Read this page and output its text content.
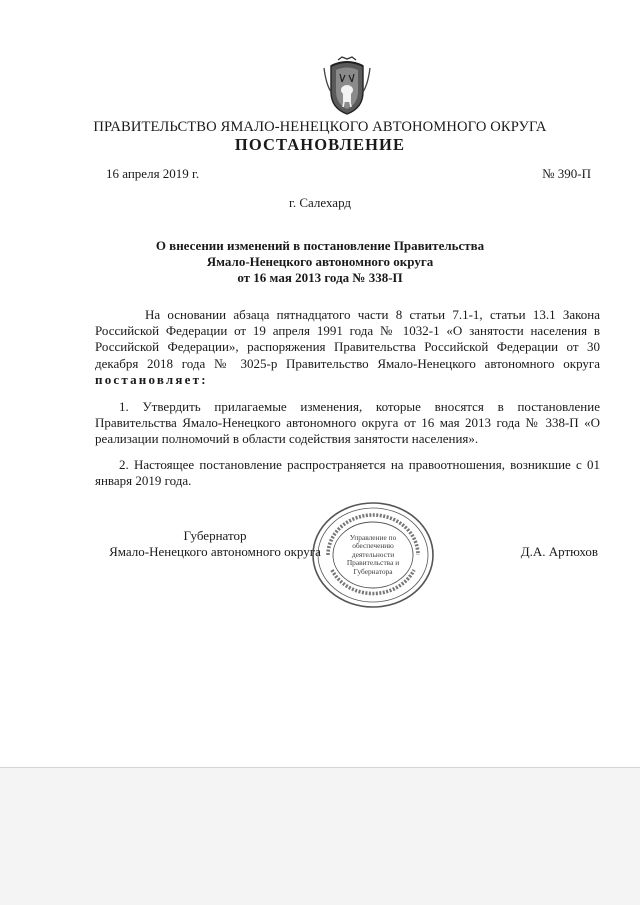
ПРАВИТЕЛЬСТВО ЯМАЛО-НЕНЕЦКОГО АВТОНОМНОГО ОКРУГА
ПОСТАНОВЛЕНИЕ
16 апреля 2019 г.	№ 390-П
г. Салехард
О внесении изменений в постановление Правительства
Ямало-Ненецкого автономного округа
от 16 мая 2013 года № 338-П
На основании абзаца пятнадцатого части 8 статьи 7.1-1, статьи 13.1 Закона Российской Федерации от 19 апреля 1991 года № 1032-1 «О занятости населения в Российской Федерации», распоряжения Правительства Российской Федерации от 30 декабря 2018 года № 3025-р Правительство Ямало-Ненецкого автономного округа постановляет:
1. Утвердить прилагаемые изменения, которые вносятся в постановление Правительства Ямало-Ненецкого автономного округа от 16 мая 2013 года № 338-П «О реализации полномочий в области содействия занятости населения».
2. Настоящее постановление распространяется на правоотношения, возникшие с 01 января 2019 года.
Управление по обеспечению деятельности Правительства и Губернатора
Губернатор
Ямало-Ненецкого автономного округа	Д.А. Артюхов
